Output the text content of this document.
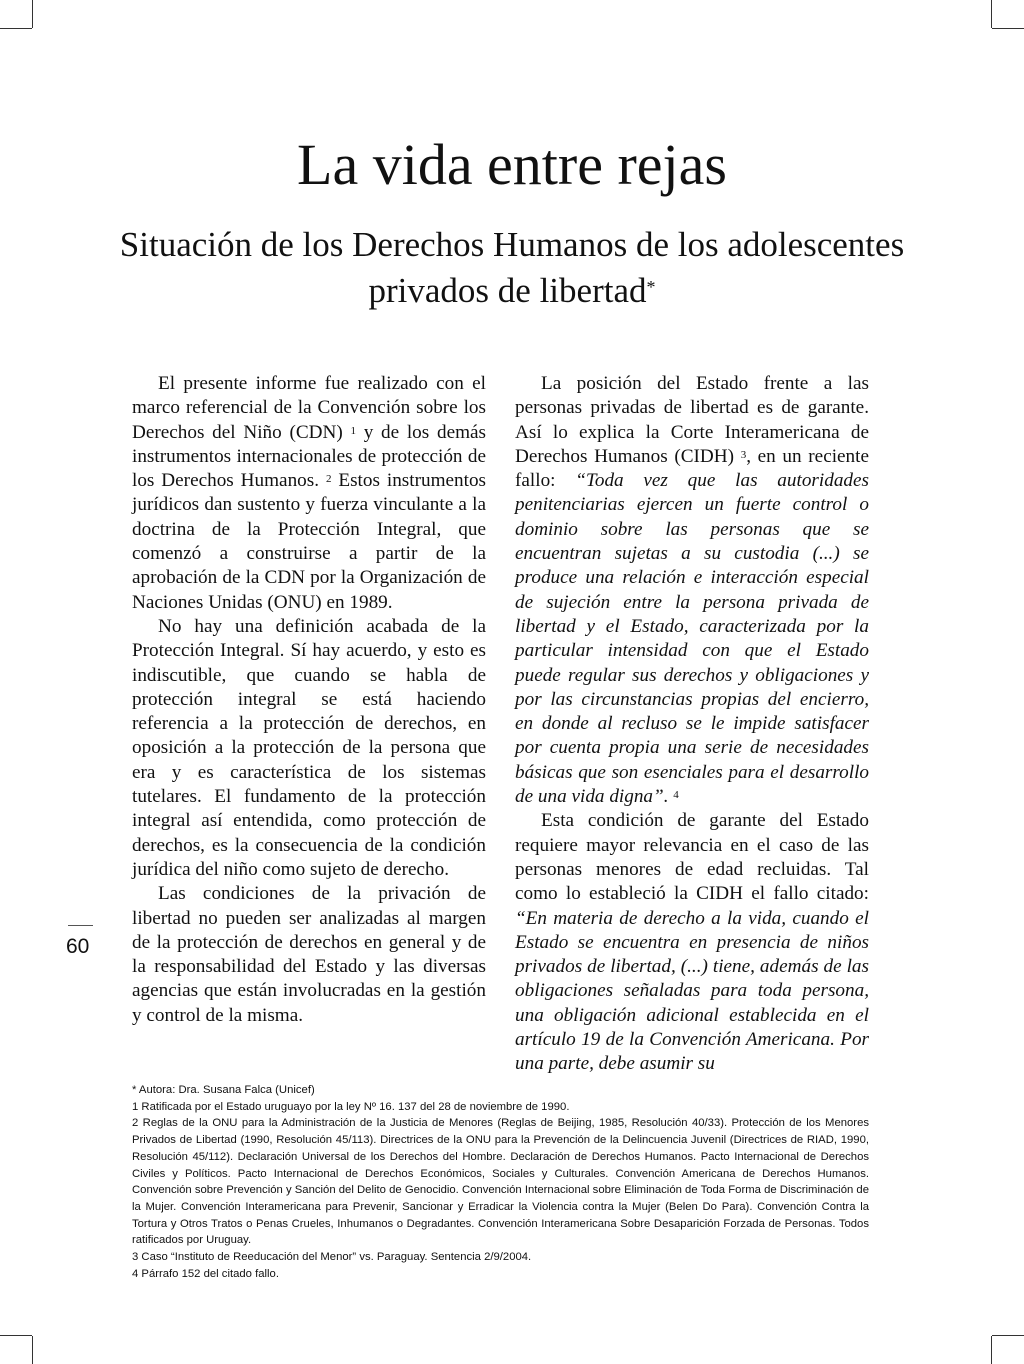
La vida entre rejas
Situación de los Derechos Humanos de los adolescentes privados de libertad*

El presente informe fue realizado con el marco referencial de la Convención sobre los Derechos del Niño (CDN) $^1$ y de los demás instrumentos internacionales de protección de los Derechos Humanos. $^2$ Estos instrumentos jurídicos dan sustento y fuerza vinculante a la doctrina de la Protección Integral, que comenzó a construirse a partir de la aprobación de la CDN por la Organización de Naciones Unidas (ONU) en 1989.

No hay una definición acabada de la Protección Integral. Sí hay acuerdo, y esto es indiscutible, que cuando se habla de protección integral se está haciendo referencia a la protección de derechos, en oposición a la protección de la persona que era y es característica de los sistemas tutelares. El fundamento de la protección integral así entendida, como protección de derechos, es la consecuencia de la condición jurídica del niño como sujeto de derecho.

Las condiciones de la privación de libertad no pueden ser analizadas al margen de la protección de derechos en general y de la responsabilidad del Estado y las diversas agencias que están involucradas en la gestión y control de la misma.

La posición del Estado frente a las personas privadas de libertad es de garante. Así lo explica la Corte Interamericana de Derechos Humanos (CIDH) $^3$, en un reciente fallo: “Toda vez que las autoridades penitenciarias ejercen un fuerte control o dominio sobre las personas que se encuentran sujetas a su custodia (...) se produce una relación e interacción especial de sujeción entre la persona privada de libertad y el Estado, caracterizada por la particular intensidad con que el Estado puede regular sus derechos y obligaciones y por las circunstancias propias del encierro, en donde al recluso se le impide satisfacer por cuenta propia una serie de necesidades básicas que son esenciales para el desarrollo de una vida digna”. $^4$

Esta condición de garante del Estado requiere mayor relevancia en el caso de las personas menores de edad recluidas. Tal como lo estableció la CIDH el fallo citado: “En materia de derecho a la vida, cuando el Estado se encuentra en presencia de niños privados de libertad, (...) tiene, además de las obligaciones señaladas para toda persona, una obligación adicional establecida en el artículo 19 de la Convención Americana. Por una parte, debe asumir su

60
* Autora: Dra. Susana Falca (Unicef)
1 Ratificada por el Estado uruguayo por la ley Nº 16. 137 del 28 de noviembre de 1990.
2 Reglas de la ONU para la Administración de la Justicia de Menores (Reglas de Beijing, 1985, Resolución 40/33). Protección de los Menores Privados de Libertad (1990, Resolución 45/113). Directrices de la ONU para la Prevención de la Delincuencia Juvenil (Directrices de RIAD, 1990, Resolución 45/112). Declaración Universal de los Derechos del Hombre. Declaración de Derechos Humanos. Pacto Internacional de Derechos Civiles y Políticos. Pacto Internacional de Derechos Económicos, Sociales y Culturales. Convención Americana de Derechos Humanos. Convención sobre Prevención y Sanción del Delito de Genocidio. Convención Internacional sobre Eliminación de Toda Forma de Discriminación de la Mujer. Convención Interamericana para Prevenir, Sancionar y Erradicar la Violencia contra la Mujer (Belen Do Para). Convención Contra la Tortura y Otros Tratos o Penas Crueles, Inhumanos o Degradantes. Convención Interamericana Sobre Desaparición Forzada de Personas. Todos ratificados por Uruguay.
3 Caso “Instituto de Reeducación del Menor” vs. Paraguay. Sentencia 2/9/2004.
4 Párrafo 152 del citado fallo.
